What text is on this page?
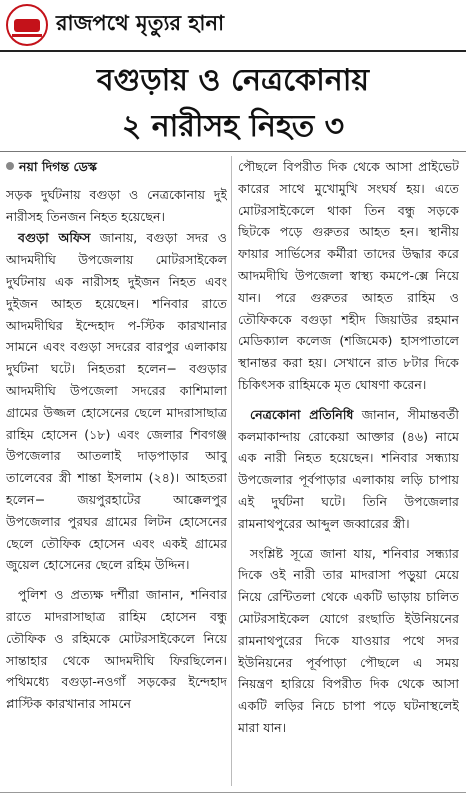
রাজপথে মৃত্যুর হানা
বগুড়ায় ও নেত্রকোনায়
২ নারীসহ নিহত ৩

নয়া দিগন্ত ডেস্ক

সড়ক দুর্ঘটনায় বগুড়া ও নেত্রকোনায় দুই নারীসহ তিনজন নিহত হয়েছেন।

বগুড়া অফিস জানায়, বগুড়া সদর ও আদমদীঘি উপজেলায় মোটরসাইকেল দুর্ঘটনায় এক নারীসহ দুইজন নিহত এবং দুইজন আহত হয়েছেন। শনিবার রাতে আদমদীঘির ইন্দেহাদ প-স্টিক কারখানার সামনে এবং বগুড়া সদরের বারপুর এলাকায় দুর্ঘটনা ঘটে। নিহতরা হলেন− বগুড়ার আদমদীঘি উপজেলা সদরের কাশিমালা গ্রামের উজ্জল হোসেনের ছেলে মাদরাসাছাত্র রাহিম হোসেন (১৮) এবং জেলার শিবগঞ্জ উপজেলার আতলাই দাড়পাড়ার আবু তালেবের স্ত্রী শান্তা ইসলাম (২৪)। আহতরা হলেন− জয়পুরহাটের আক্কেলপুর উপজেলার পুরঘর গ্রামের লিটন হোসেনের ছেলে তৌফিক হোসেন এবং একই গ্রামের জুয়েল হোসেনের ছেলে রহিম উদ্দিন।

পুলিশ ও প্রত্যক্ষ দর্শীরা জানান, শনিবার রাতে মাদরাসাছাত্র রাহিম হোসেন বন্ধু তৌফিক ও রহিমকে মোটরসাইকেলে নিয়ে সান্তাহার থেকে আদমদীঘি ফিরছিলেন। পথিমধ্যে বগুড়া-নওগাঁ সড়কের ইন্দেহাদ প্লাস্টিক কারখানার সামনে

পৌছলে বিপরীত দিক থেকে আসা প্রাইভেট কারের সাথে মুখোমুখি সংঘর্ষ হয়। এতে মোটরসাইকেলে থাকা তিন বন্ধু সড়কে ছিটকে পড়ে গুরুতর আহত হন। স্থানীয় ফায়ার সার্ভিসের কর্মীরা তাদের উদ্ধার করে আদমদীঘি উপজেলা স্বাস্থ্য কমপে-ক্সে নিয়ে যান। পরে গুরুতর আহত রাহিম ও তৌফিককে বগুড়া শহীদ জিয়াউর রহমান মেডিক্যাল কলেজ (শজিমেক) হাসপাতালে স্থানান্তর করা হয়। সেখানে রাত ৮টার দিকে চিকিৎসক রাহিমকে মৃত ঘোষণা করেন।

নেত্রকোনা প্রতিনিধি জানান, সীমান্তবর্তী কলমাকান্দায় রোকেয়া আক্তার (৪৬) নামে এক নারী নিহত হয়েছেন। শনিবার সন্ধ্যায় উপজেলার পূর্বপাড়ার এলাকায় লড়ি চাপায় এই দুর্ঘটনা ঘটে। তিনি উপজেলার রামনাথপুরের আব্দুল জব্বারের স্ত্রী।

সংশ্লিষ্ট সূত্রে জানা যায়, শনিবার সন্ধ্যার দিকে ওই নারী তার মাদরাসা পড়ুয়া মেয়ে নিয়ে রেন্টিতলা থেকে একটি ভাড়ায় চালিত মোটরসাইকেল যোগে রংছাতি ইউনিয়নের রামনাথপুরের দিকে যাওয়ার পথে সদর ইউনিয়নের পূর্বপাড়া পৌছলে এ সময় নিয়ন্ত্রণ হারিয়ে বিপরীত দিক থেকে আসা একটি লড়ির নিচে চাপা পড়ে ঘটনাস্থলেই মারা যান।
